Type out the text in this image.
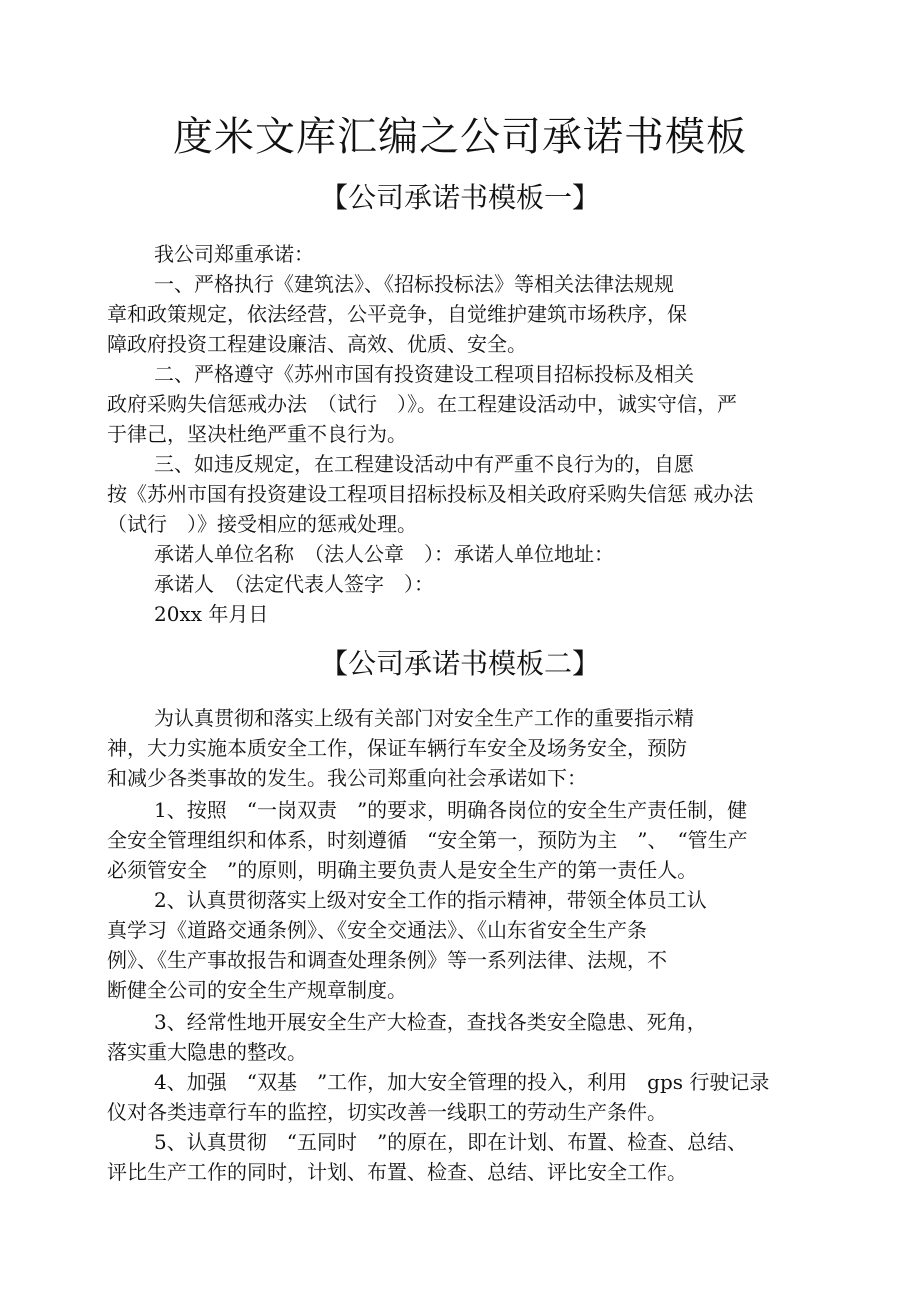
度米文库汇编之公司承诺书模板
【公司承诺书模板一】
我公司郑重承诺：
一、严格执行《建筑法》、《招标投标法》等相关法律法规规
章和政策规定，依法经营，公平竞争，自觉维护建筑市场秩序，保
障政府投资工程建设廉洁、高效、优质、安全。
二、严格遵守《苏州市国有投资建设工程项目招标投标及相关
政府采购失信惩戒办法　（试行　）》。在工程建设活动中，诚实守信，严
于律己，坚决杜绝严重不良行为。
三、如违反规定，在工程建设活动中有严重不良行为的，自愿
按《苏州市国有投资建设工程项目招标投标及相关政府采购失信惩 戒办法
（试行　）》接受相应的惩戒处理。
承诺人单位名称　（法人公章　）：承诺人单位地址：
承诺人　（法定代表人签字　）：
20xx 年月日
【公司承诺书模板二】
为认真贯彻和落实上级有关部门对安全生产工作的重要指示精
神，大力实施本质安全工作，保证车辆行车安全及场务安全，预防
和减少各类事故的发生。我公司郑重向社会承诺如下：
1、按照　“一岗双责　”的要求，明确各岗位的安全生产责任制，健
全安全管理组织和体系，时刻遵循　“安全第一，预防为主　”、　“管生产
必须管安全　”的原则，明确主要负责人是安全生产的第一责任人。
2、认真贯彻落实上级对安全工作的指示精神，带领全体员工认
真学习《道路交通条例》、《安全交通法》、《山东省安全生产条
例》、《生产事故报告和调查处理条例》等一系列法律、法规，不
断健全公司的安全生产规章制度。
3、经常性地开展安全生产大检查，查找各类安全隐患、死角，
落实重大隐患的整改。
4、加强　“双基　”工作，加大安全管理的投入，利用　gps 行驶记录
仪对各类违章行车的监控，切实改善一线职工的劳动生产条件。
5、认真贯彻　“五同时　”的原在，即在计划、布置、检查、总结、
评比生产工作的同时，计划、布置、检查、总结、评比安全工作。
